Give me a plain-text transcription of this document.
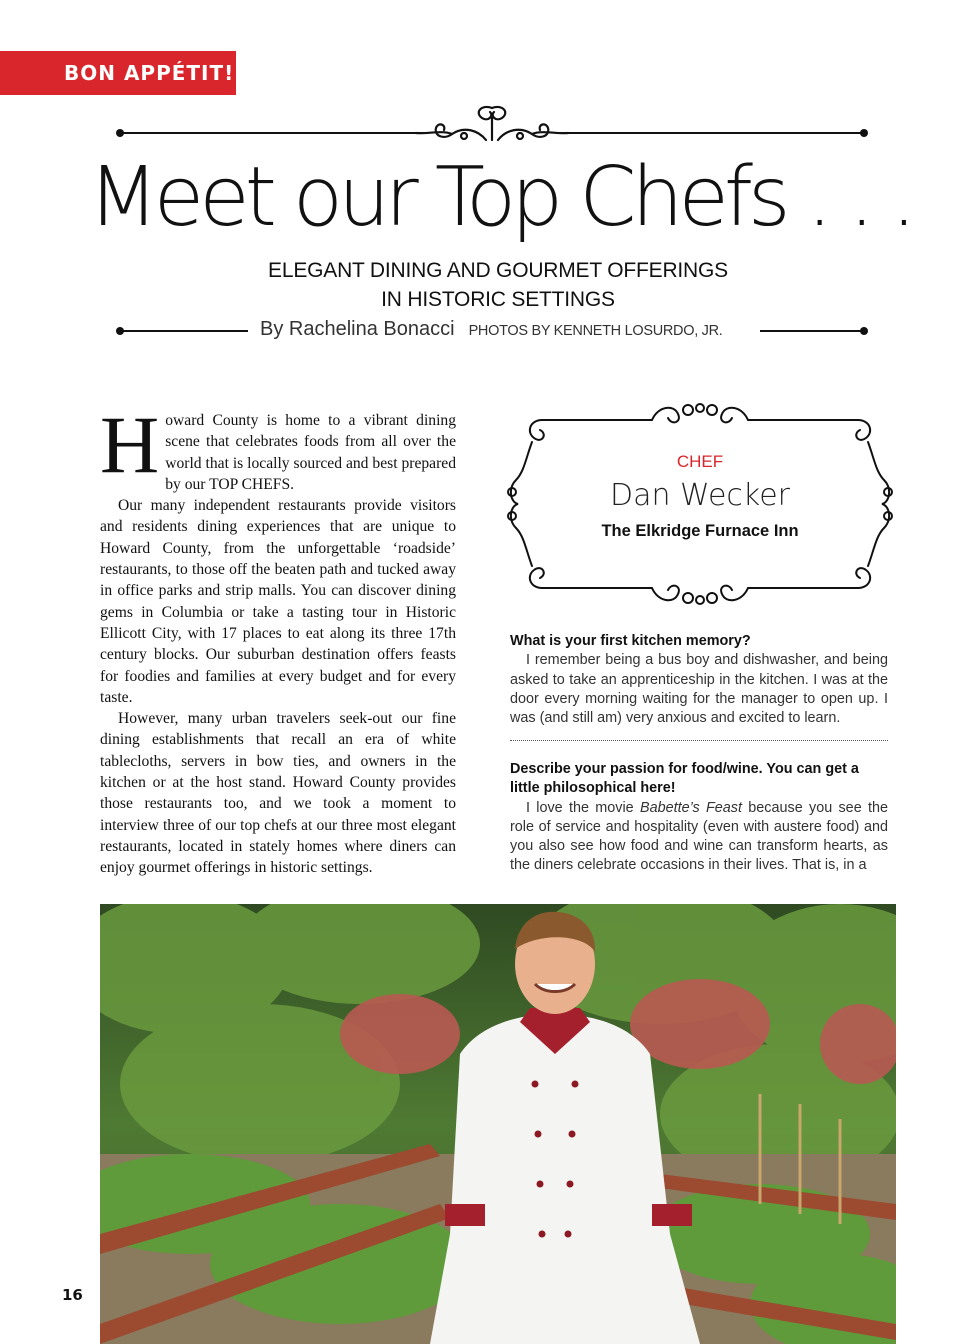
BON APPÉTIT!
Meet our Top Chefs . . .
ELEGANT DINING AND GOURMET OFFERINGS
IN HISTORIC SETTINGS
By Rachelina Bonacci PHOTOS BY KENNETH LOSURDO, JR.

Howard County is home to a vibrant dining scene that celebrates foods from all over the world that is locally sourced and best prepared by our TOP CHEFS.

Our many independent restaurants provide visitors and residents dining experiences that are unique to Howard County, from the unforgettable ‘roadside’ restaurants, to those off the beaten path and tucked away in office parks and strip malls. You can discover dining gems in Columbia or take a tasting tour in Historic Ellicott City, with 17 places to eat along its three 17th century blocks. Our suburban destination offers feasts for foodies and families at every budget and for every taste.

However, many urban travelers seek-out our fine dining establishments that recall an era of white tablecloths, servers in bow ties, and owners in the kitchen or at the host stand. Howard County provides those restaurants too, and we took a moment to interview three of our top chefs at our three most elegant restaurants, located in stately homes where diners can enjoy gourmet offerings in historic settings.

CHEF
Dan Wecker
The Elkridge Furnace Inn

What is your first kitchen memory?

I remember being a bus boy and dishwasher, and being asked to take an apprenticeship in the kitchen. I was at the door every morning waiting for the manager to open up. I was (and still am) very anxious and excited to learn.

Describe your passion for food/wine. You can get a little philosophical here!

I love the movie Babette’s Feast because you see the role of service and hospitality (even with austere food) and you also see how food and wine can transform hearts, as the diners celebrate occasions in their lives. That is, in a

16
